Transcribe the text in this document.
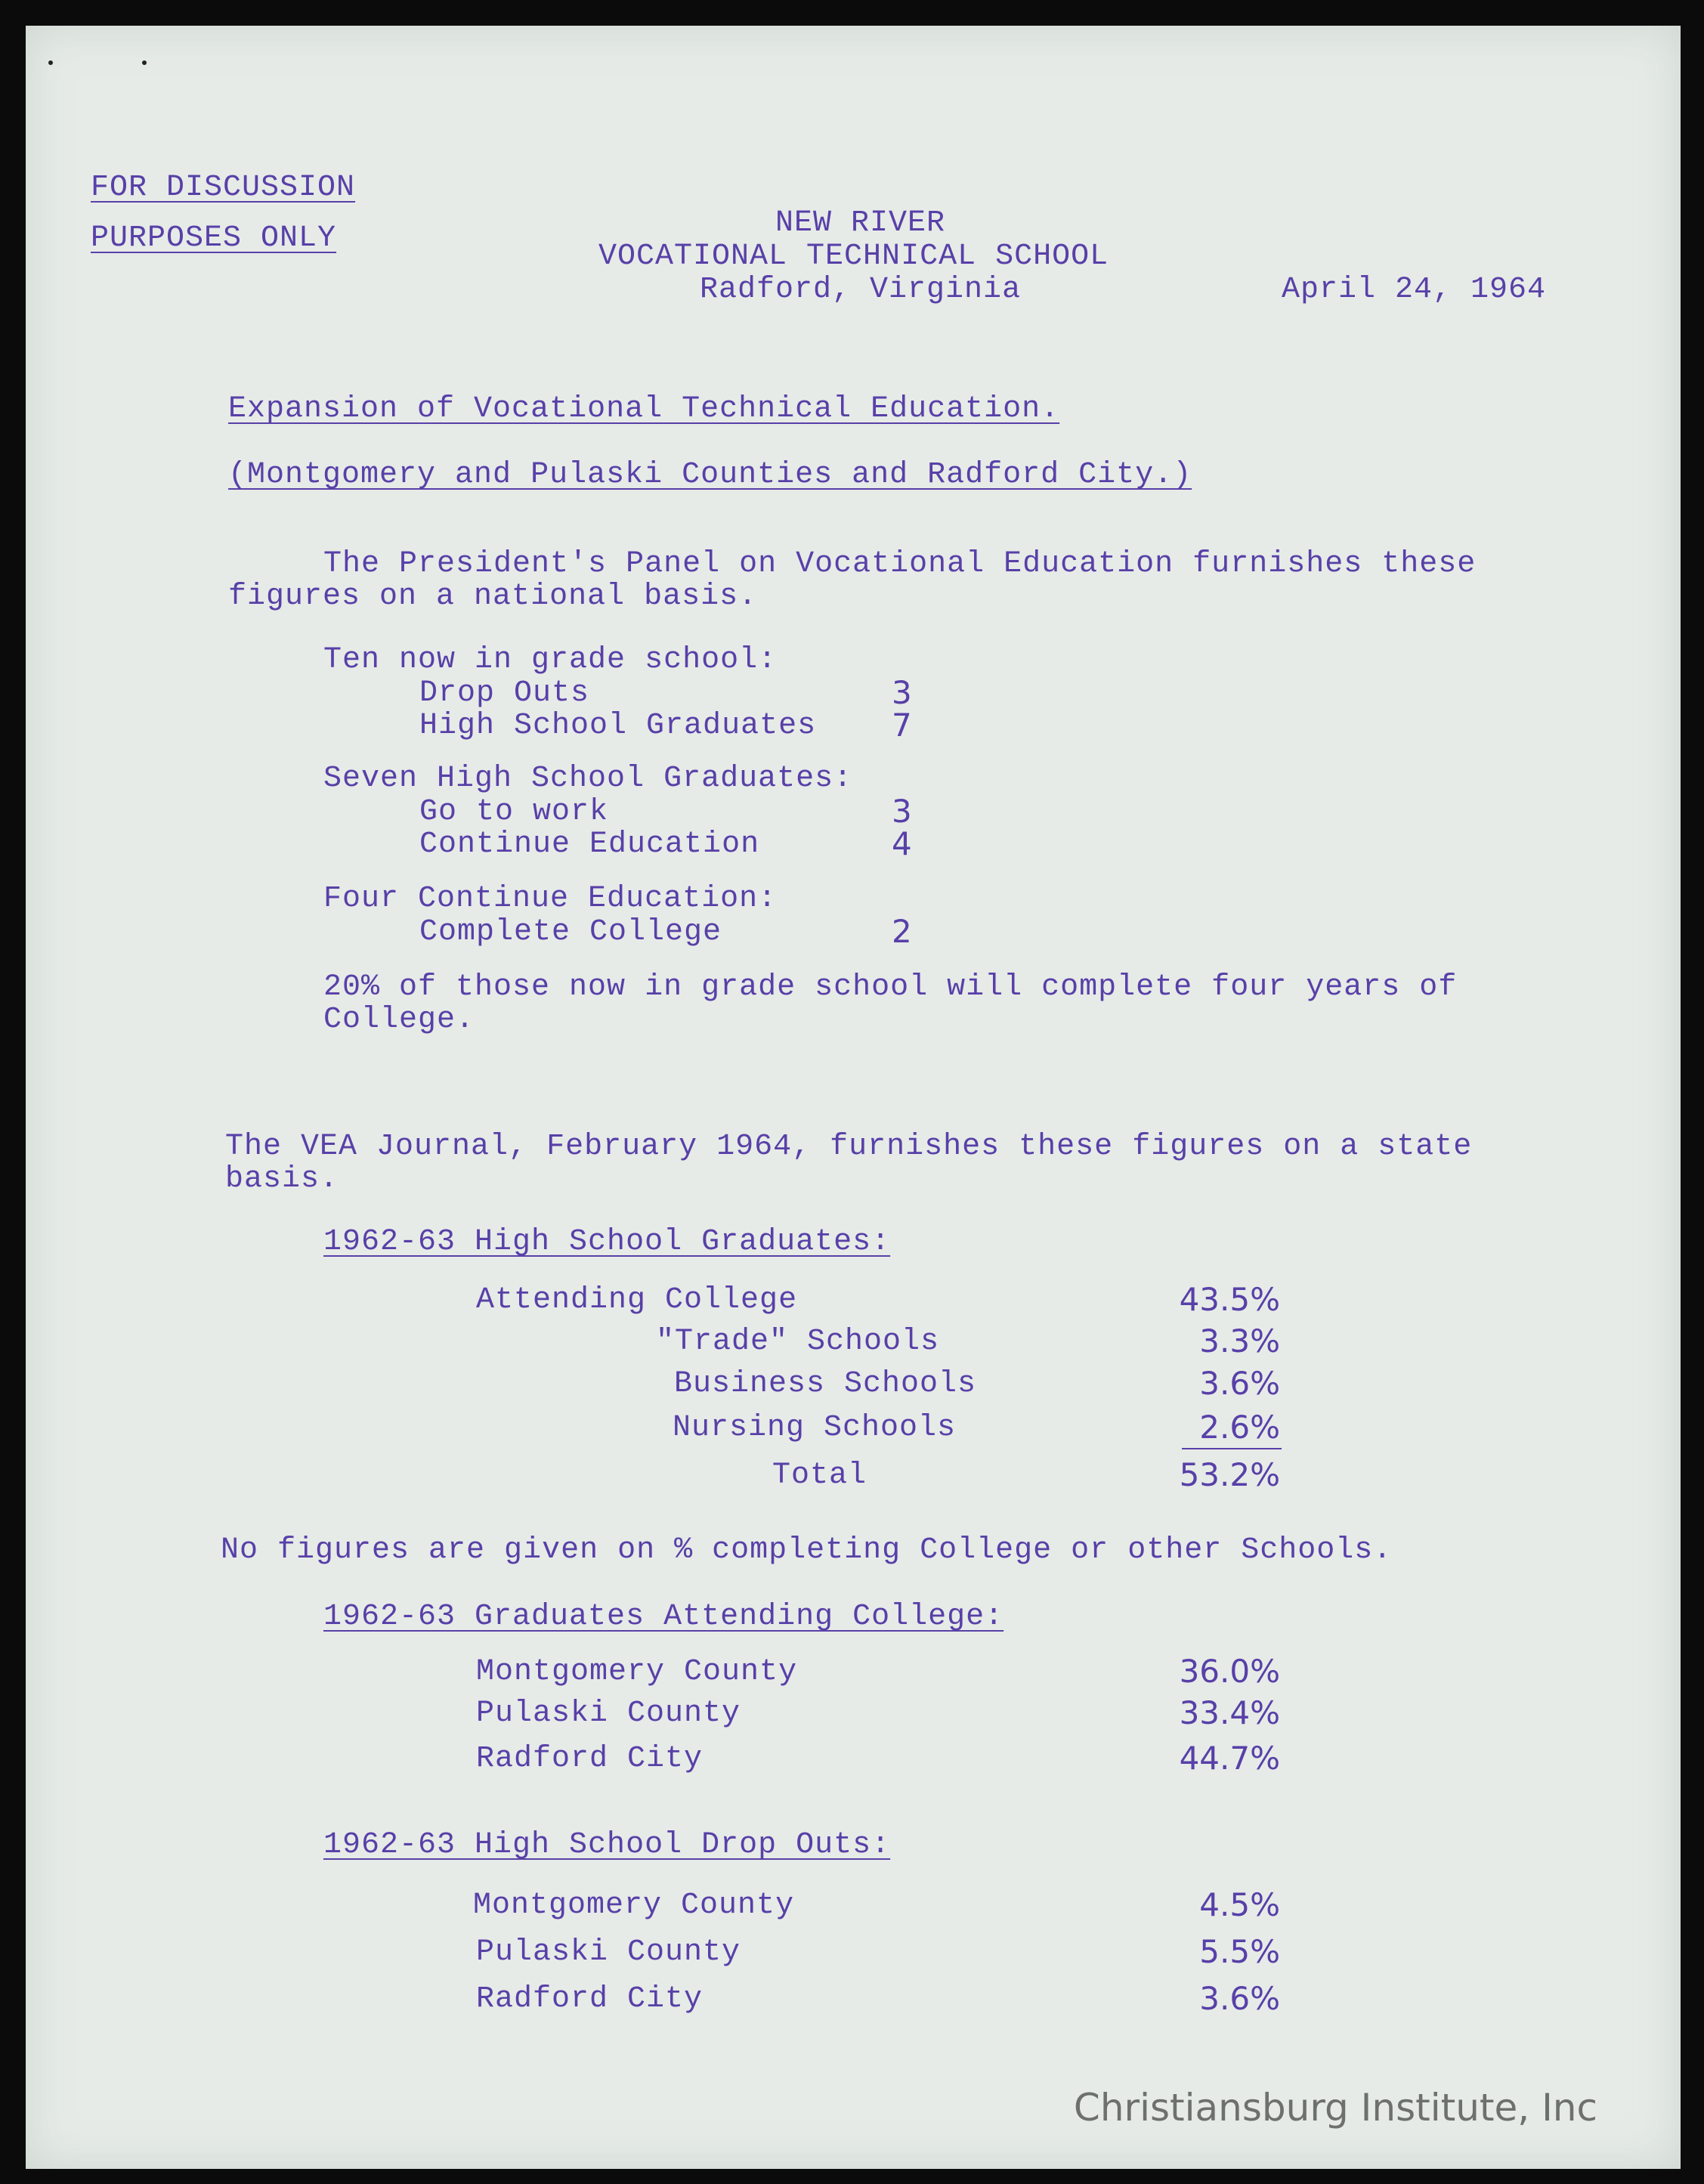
FOR DISCUSSION
PURPOSES ONLY	NEW RIVER
VOCATIONAL TECHNICAL SCHOOL
Radford, Virginia	April 24, 1964
Expansion of Vocational Technical Education.
(Montgomery and Pulaski Counties and Radford City.)
The President's Panel on Vocational Education furnishes these
figures on a national basis.
Ten now in grade school:
Drop Outs	3
High School Graduates 7
Seven High School Graduates:
Go to work	3
Continue Education	4
Four Continue Education:
Complete College	2
20% of those now in grade school will complete four years of
College.
The VEA Journal, February 1964, furnishes these figures on a state
basis.
1962-63 High School Graduates:
Attending College	43.5%
"Trade" Schools	3.3%
Business Schools	3.6%
Nursing Schools	2.6%
Total	53.2%
No figures are given on % completing College or other Schools.
1962-63 Graduates Attending College:
Montgomery County	36.0%
Pulaski County	33.4%
Radford City	44.7%
1962-63 High School Drop Outs:
Montgomery County	4.5%
Pulaski County	5.5%
Radford City	3.6%
Christiansburg Institute, Inc
